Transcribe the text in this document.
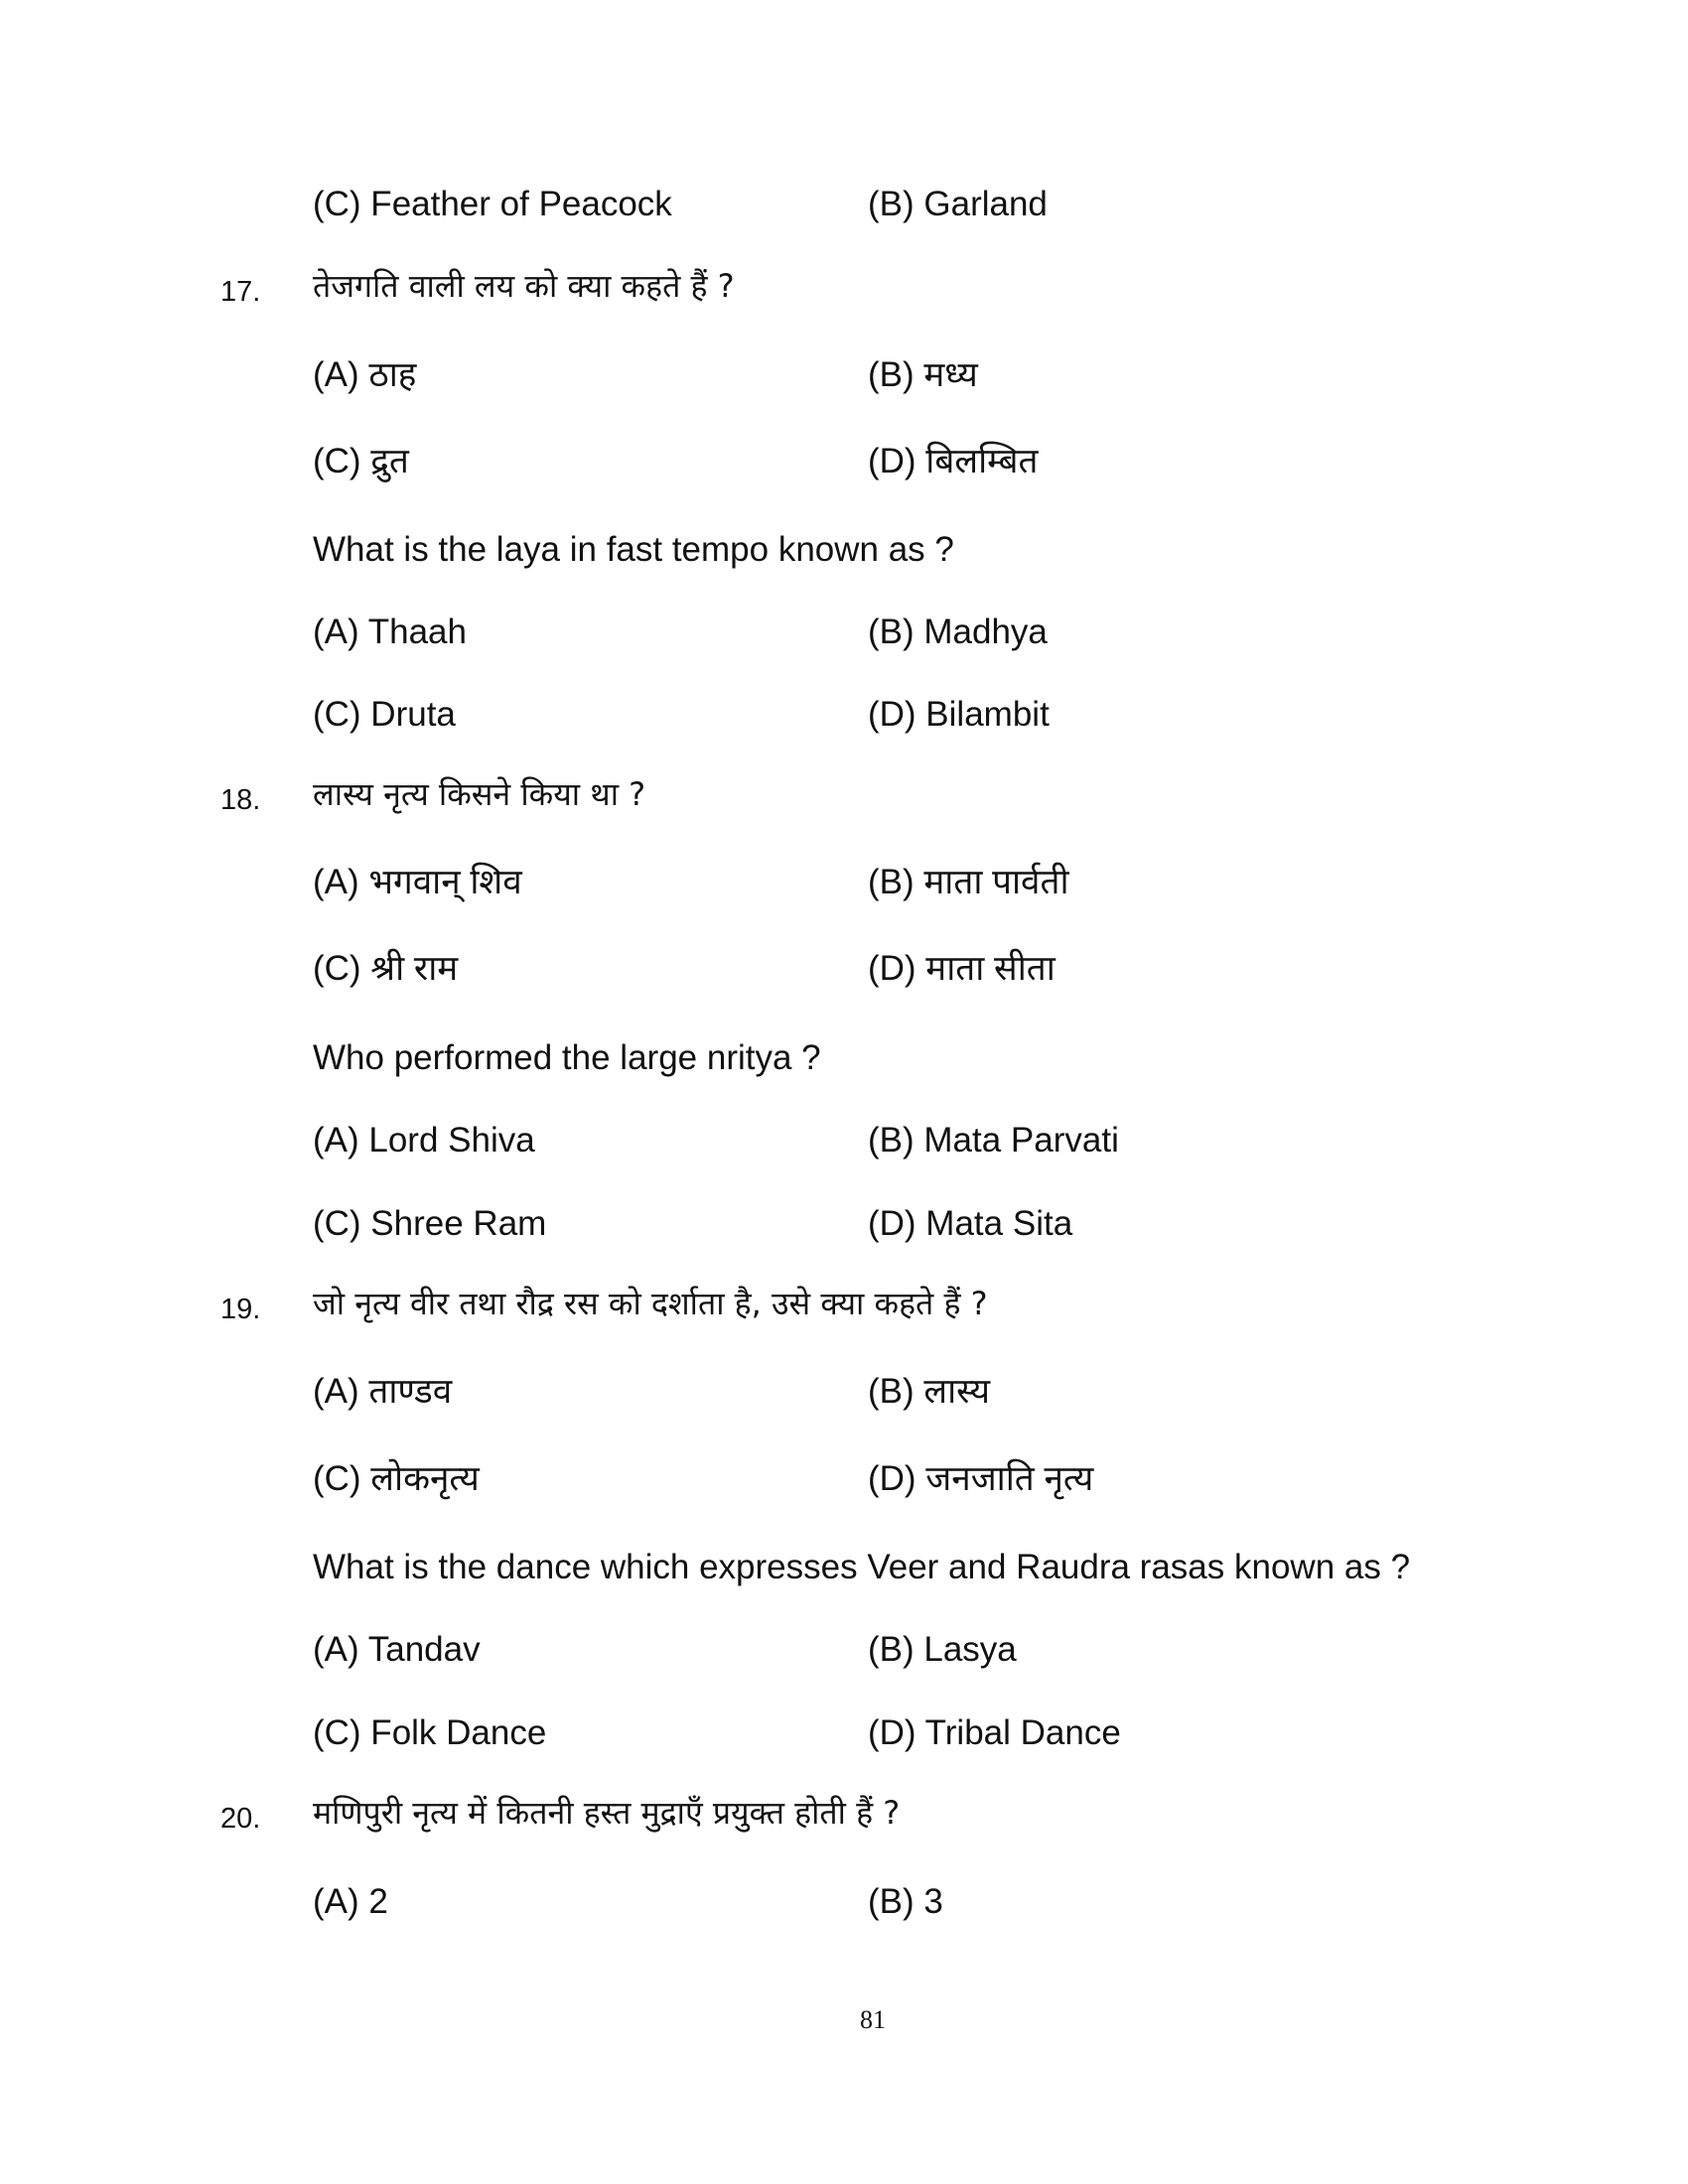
(C) Feather of Peacock	(B) Garland
17. तेजगति वाली लय को क्या कहते हैं ?
(A) ठाह	(B) मध्य
(C) द्रुत	(D) बिलम्बित
What is the laya in fast tempo known as ?
(A) Thaah	(B) Madhya
(C) Druta	(D) Bilambit
18. लास्य नृत्य किसने किया था ?
(A) भगवान् शिव	(B) माता पार्वती
(C) श्री राम	(D) माता सीता
Who performed the large nritya ?
(A) Lord Shiva	(B) Mata Parvati
(C) Shree Ram	(D) Mata Sita
19. जो नृत्य वीर तथा रौद्र रस को दर्शाता है, उसे क्या कहते हैं ?
(A) ताण्डव	(B) लास्य
(C) लोकनृत्य	(D) जनजाति नृत्य
What is the dance which expresses Veer and Raudra rasas known as ?
(A) Tandav	(B) Lasya
(C) Folk Dance	(D) Tribal Dance
20. मणिपुरी नृत्य में कितनी हस्त मुद्राएँ प्रयुक्त होती हैं ?
(A) 2	(B) 3
81
